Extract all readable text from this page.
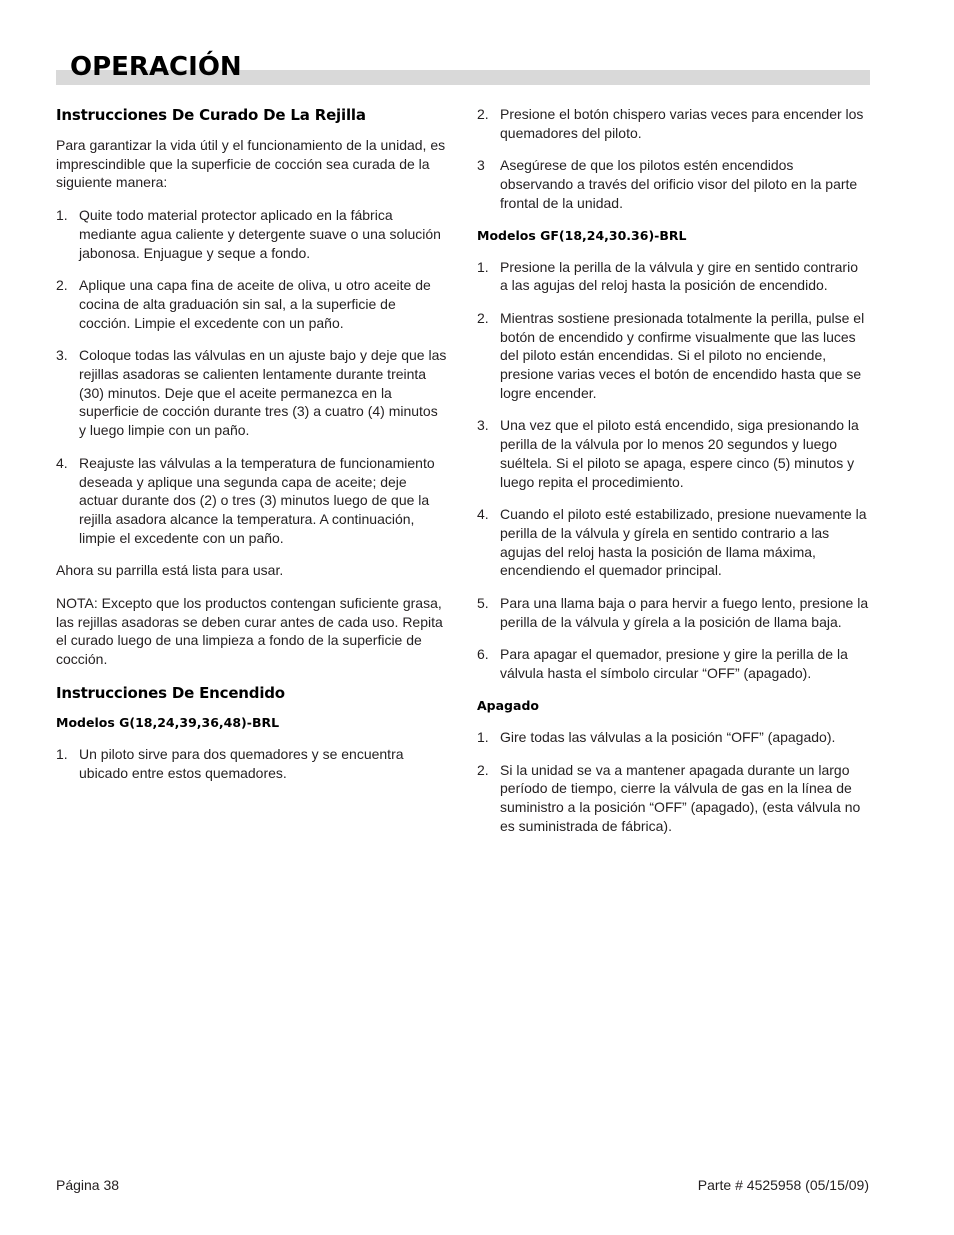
OPERACIÓN
Instrucciones De Curado De La Rejilla

Para garantizar la vida útil y el funcionamiento de la unidad, es imprescindible que la superficie de cocción sea curada de la siguiente manera:

1. Quite todo material protector aplicado en la fábrica mediante agua caliente y detergente suave o una solución jabonosa. Enjuague y seque a fondo.
2. Aplique una capa fina de aceite de oliva, u otro aceite de cocina de alta graduación sin sal, a la superficie de cocción. Limpie el excedente con un paño.
3. Coloque todas las válvulas en un ajuste bajo y deje que las rejillas asadoras se calienten lentamente durante treinta (30) minutos. Deje que el aceite permanezca en la superficie de cocción durante tres (3) a cuatro (4) minutos y luego limpie con un paño.
4. Reajuste las válvulas a la temperatura de funcionamiento deseada y aplique una segunda capa de aceite; deje actuar durante dos (2) o tres (3) minutos luego de que la rejilla asadora alcance la temperatura. A continuación, limpie el excedente con un paño.

Ahora su parrilla está lista para usar.

NOTA: Excepto que los productos contengan suficiente grasa, las rejillas asadoras se deben curar antes de cada uso. Repita el curado luego de una limpieza a fondo de la superficie de cocción.

Instrucciones De Encendido
Modelos G(18,24,39,36,48)-BRL
1. Un piloto sirve para dos quemadores y se encuentra ubicado entre estos quemadores.
2. Presione el botón chispero varias veces para encender los quemadores del piloto.
3 Asegúrese de que los pilotos estén encendidos observando a través del orificio visor del piloto en la parte frontal de la unidad.
Modelos GF(18,24,30.36)-BRL
1. Presione la perilla de la válvula y gire en sentido contrario a las agujas del reloj hasta la posición de encendido.
2. Mientras sostiene presionada totalmente la perilla, pulse el botón de encendido y confirme visualmente que las luces del piloto están encendidas. Si el piloto no enciende, presione varias veces el botón de encendido hasta que se logre encender.
3. Una vez que el piloto está encendido, siga presionando la perilla de la válvula por lo menos 20 segundos y luego suéltela. Si el piloto se apaga, espere cinco (5) minutos y luego repita el procedimiento.
4. Cuando el piloto esté estabilizado, presione nuevamente la perilla de la válvula y gírela en sentido contrario a las agujas del reloj hasta la posición de llama máxima, encendiendo el quemador principal.
5. Para una llama baja o para hervir a fuego lento, presione la perilla de la válvula y gírela a la posición de llama baja.
6. Para apagar el quemador, presione y gire la perilla de la válvula hasta el símbolo circular “OFF” (apagado).
Apagado
1. Gire todas las válvulas a la posición “OFF” (apagado).
2. Si la unidad se va a mantener apagada durante un largo período de tiempo, cierre la válvula de gas en la línea de suministro a la posición “OFF” (apagado), (esta válvula no es suministrada de fábrica).
Página 38	Parte # 4525958 (05/15/09)
